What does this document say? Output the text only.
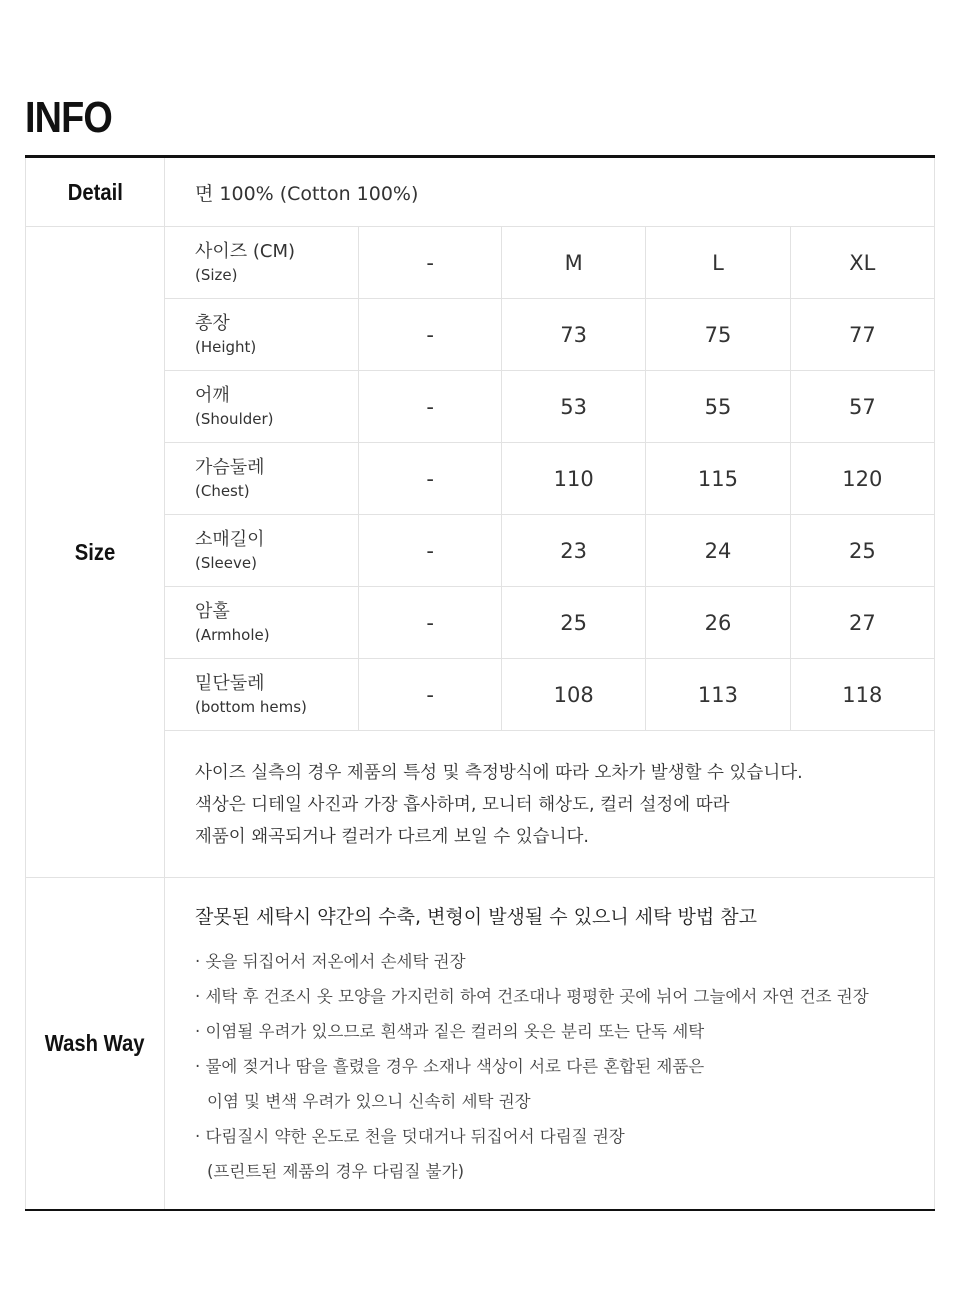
INFO
Detail	면 100% (Cotton 100%)
Size
사이즈 (CM)
(Size)	-	M	L	XL

총장
(Height)	-	73	75	77

어깨
(Shoulder)	-	53	55	57

가슴둘레
(Chest)	-	110	115	120

소매길이
(Sleeve)	-	23	24	25

암홀
(Armhole)	-	25	26	27

밑단둘레
(bottom hems)	-	108	113	118
사이즈 실측의 경우 제품의 특성 및 측정방식에 따라 오차가 발생할 수 있습니다.
색상은 디테일 사진과 가장 흡사하며, 모니터 해상도, 컬러 설정에 따라
제품이 왜곡되거나 컬러가 다르게 보일 수 있습니다.
Wash Way
잘못된 세탁시 약간의 수축, 변형이 발생될 수 있으니 세탁 방법 참고
· 옷을 뒤집어서 저온에서 손세탁 권장
· 세탁 후 건조시 옷 모양을 가지런히 하여 건조대나 평평한 곳에 뉘어 그늘에서 자연 건조 권장
· 이염될 우려가 있으므로 흰색과 짙은 컬러의 옷은 분리 또는 단독 세탁
· 물에 젖거나 땀을 흘렸을 경우 소재나 색상이 서로 다른 혼합된 제품은
이염 및 변색 우려가 있으니 신속히 세탁 권장
· 다림질시 약한 온도로 천을 덧대거나 뒤집어서 다림질 권장
(프린트된 제품의 경우 다림질 불가)
